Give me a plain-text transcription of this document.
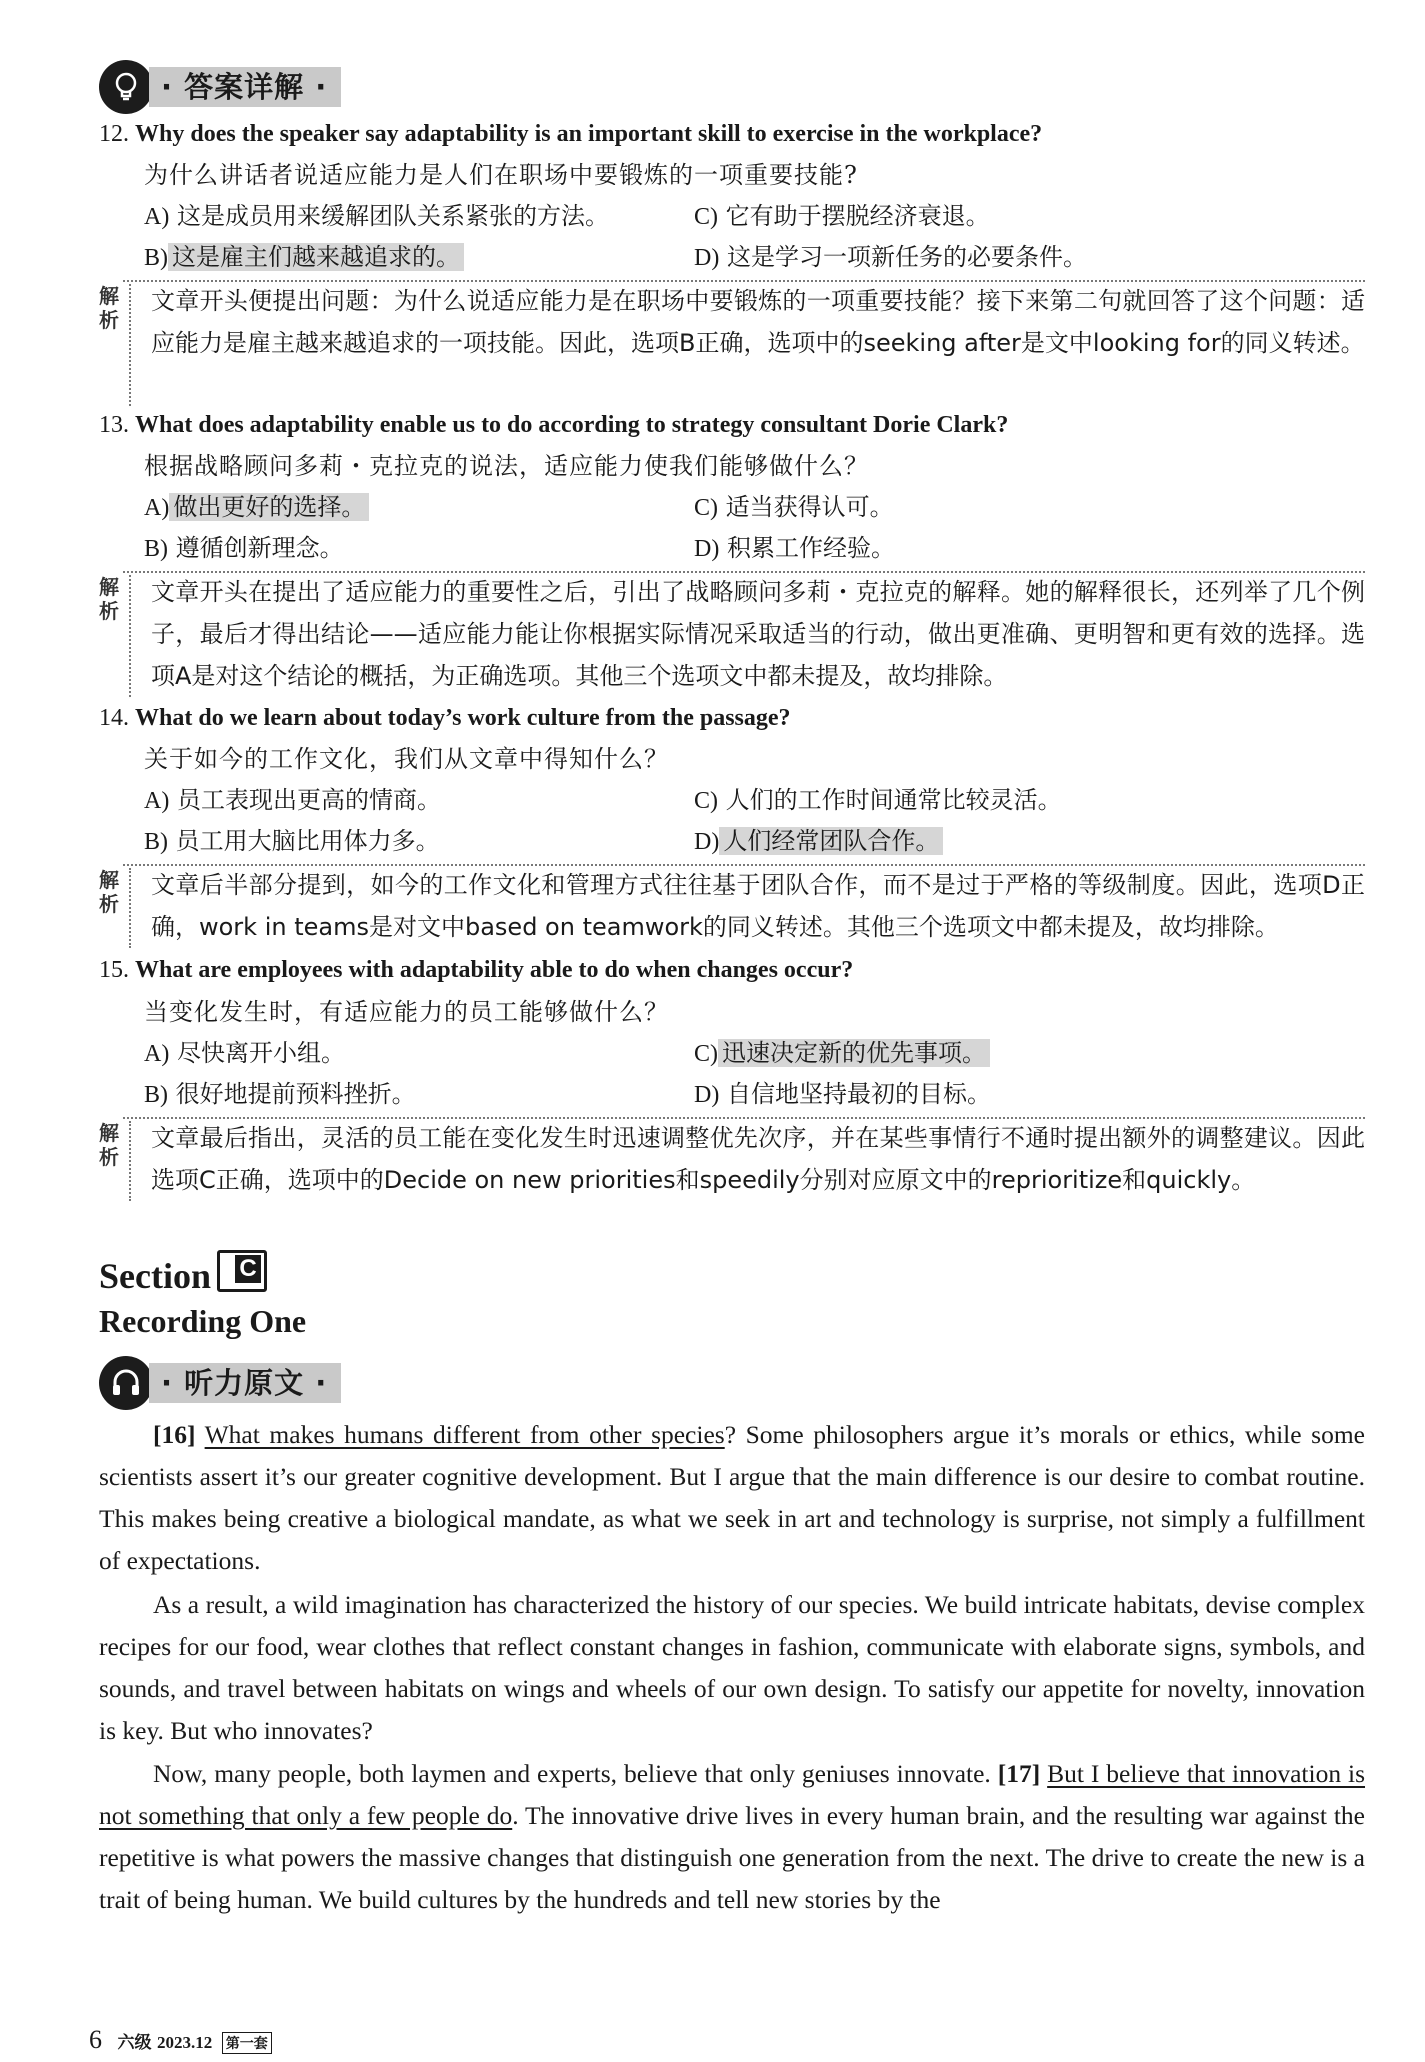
· 答案详解 ·
12. Why does the speaker say adaptability is an important skill to exercise in the workplace?
为什么讲话者说适应能力是人们在职场中要锻炼的一项重要技能?
A) 这是成员用来缓解团队关系紧张的方法。	C) 它有助于摆脱经济衰退。
B) 这是雇主们越来越追求的。	D) 这是学习一项新任务的必要条件。
解析
文章开头便提出问题：为什么说适应能力是在职场中要锻炼的一项重要技能？接下来第二句就回答了这个问题：适应能力是雇主越来越追求的一项技能。因此，选项B正确，选项中的seeking after是文中looking for的同义转述。
13. What does adaptability enable us to do according to strategy consultant Dorie Clark?
根据战略顾问多莉・克拉克的说法，适应能力使我们能够做什么？
A) 做出更好的选择。	C) 适当获得认可。
B) 遵循创新理念。	D) 积累工作经验。
解析
文章开头在提出了适应能力的重要性之后，引出了战略顾问多莉・克拉克的解释。她的解释很长，还列举了几个例子，最后才得出结论——适应能力能让你根据实际情况采取适当的行动，做出更准确、更明智和更有效的选择。选项A是对这个结论的概括，为正确选项。其他三个选项文中都未提及，故均排除。
14. What do we learn about today’s work culture from the passage?
关于如今的工作文化，我们从文章中得知什么？
A) 员工表现出更高的情商。	C) 人们的工作时间通常比较灵活。
B) 员工用大脑比用体力多。	D) 人们经常团队合作。
解析
文章后半部分提到，如今的工作文化和管理方式往往基于团队合作，而不是过于严格的等级制度。因此，选项D正确，work in teams是对文中based on teamwork的同义转述。其他三个选项文中都未提及，故均排除。
15. What are employees with adaptability able to do when changes occur?
当变化发生时，有适应能力的员工能够做什么？
A) 尽快离开小组。	C) 迅速决定新的优先事项。
B) 很好地提前预料挫折。	D) 自信地坚持最初的目标。
解析
文章最后指出，灵活的员工能在变化发生时迅速调整优先次序，并在某些事情行不通时提出额外的调整建议。因此选项C正确，选项中的Decide on new priorities和speedily分别对应原文中的reprioritize和quickly。
Section C
Recording One
· 听力原文 ·
[16] What makes humans different from other species? Some philosophers argue it’s morals or ethics, while some scientists assert it’s our greater cognitive development. But I argue that the main difference is our desire to combat routine. This makes being creative a biological mandate, as what we seek in art and technology is surprise, not simply a fulfillment of expectations.
As a result, a wild imagination has characterized the history of our species. We build intricate habitats, devise complex recipes for our food, wear clothes that reflect constant changes in fashion, communicate with elaborate signs, symbols, and sounds, and travel between habitats on wings and wheels of our own design. To satisfy our appetite for novelty, innovation is key. But who innovates?
Now, many people, both laymen and experts, believe that only geniuses innovate. [17] But I believe that innovation is not something that only a few people do. The innovative drive lives in every human brain, and the resulting war against the repetitive is what powers the massive changes that distinguish one generation from the next. The drive to create the new is a trait of being human. We build cultures by the hundreds and tell new stories by the
6 六级 2023.12 第一套
